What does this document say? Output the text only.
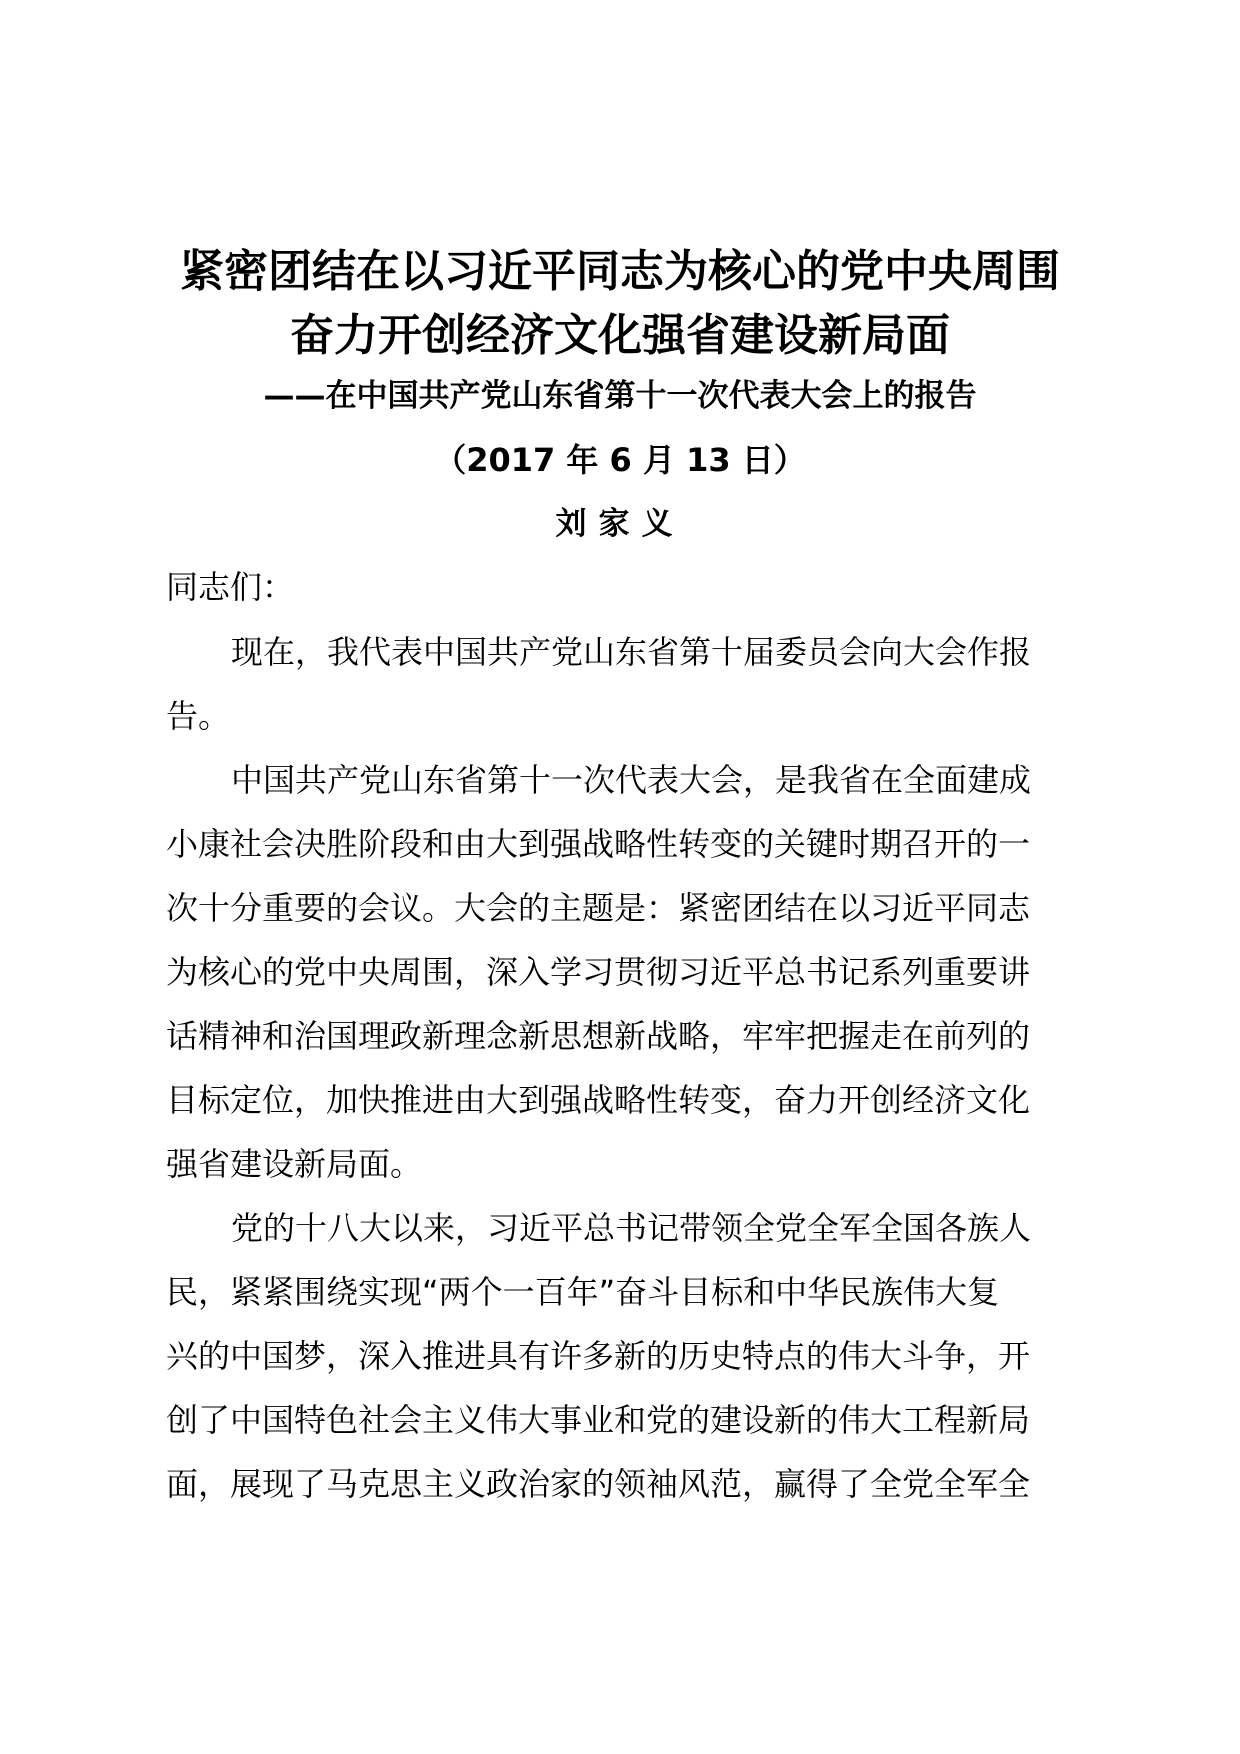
紧密团结在以习近平同志为核心的党中央周围
奋力开创经济文化强省建设新局面
——在中国共产党山东省第十一次代表大会上的报告
（2017 年 6 月 13 日）
刘家义
同志们：
现在，我代表中国共产党山东省第十届委员会向大会作报
告。
中国共产党山东省第十一次代表大会，是我省在全面建成
小康社会决胜阶段和由大到强战略性转变的关键时期召开的一
次十分重要的会议。大会的主题是：紧密团结在以习近平同志
为核心的党中央周围，深入学习贯彻习近平总书记系列重要讲
话精神和治国理政新理念新思想新战略，牢牢把握走在前列的
目标定位，加快推进由大到强战略性转变，奋力开创经济文化
强省建设新局面。
党的十八大以来，习近平总书记带领全党全军全国各族人
民，紧紧围绕实现“两个一百年”奋斗目标和中华民族伟大复
兴的中国梦，深入推进具有许多新的历史特点的伟大斗争，开
创了中国特色社会主义伟大事业和党的建设新的伟大工程新局
面，展现了马克思主义政治家的领袖风范，赢得了全党全军全
